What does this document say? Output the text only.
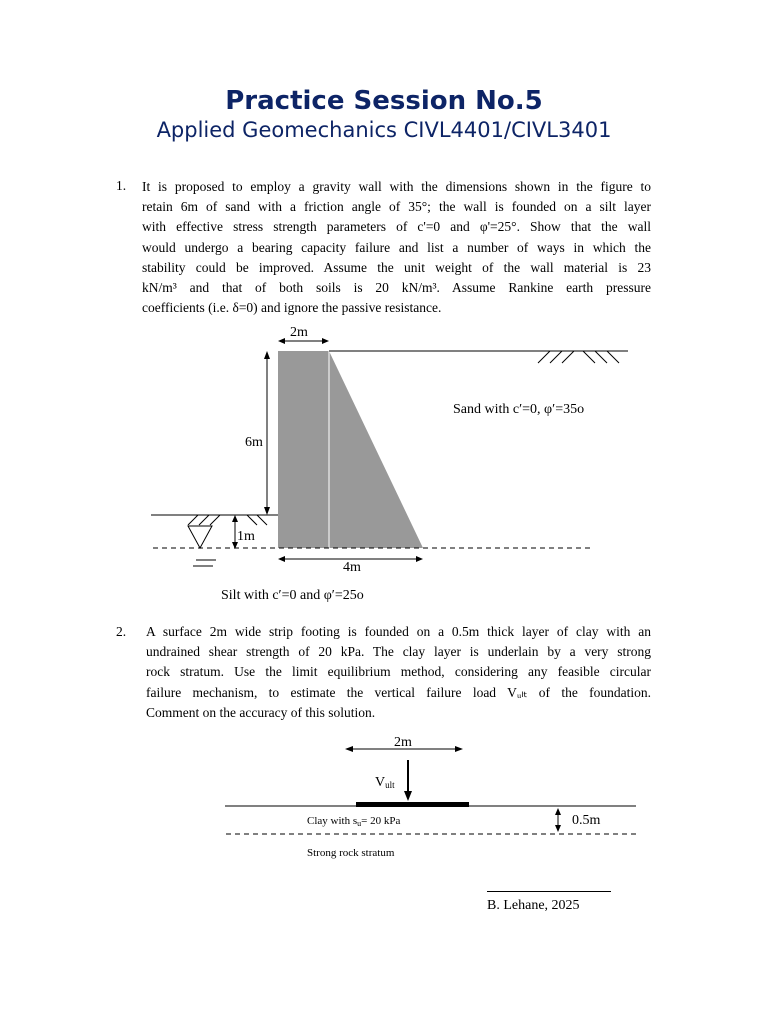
Practice Session No.5
Applied Geomechanics CIVL4401/CIVL3401
1. It is proposed to employ a gravity wall with the dimensions shown in the figure to
retain 6m of sand with a friction angle of 35°; the wall is founded on a silt layer
with effective stress strength parameters of c'=0 and φ'=25°. Show that the wall
would undergo a bearing capacity failure and list a number of ways in which the
stability could be improved. Assume the unit weight of the wall material is 23
kN/m³ and that of both soils is 20 kN/m³. Assume Rankine earth pressure
coefficients (i.e. δ=0) and ignore the passive resistance.
2m
6m
1m
4m
Sand with c′=0, φ′=35o
Silt with c′=0 and φ′=25o
2. A surface 2m wide strip footing is founded on a 0.5m thick layer of clay with an
undrained shear strength of 20 kPa. The clay layer is underlain by a very strong
rock stratum. Use the limit equilibrium method, considering any feasible circular
failure mechanism, to estimate the vertical failure load Vᵤₗₜ of the foundation.
Comment on the accuracy of this solution.
2m
Vult
0.5m
Clay with su= 20 kPa
Strong rock stratum
B. Lehane, 2025
